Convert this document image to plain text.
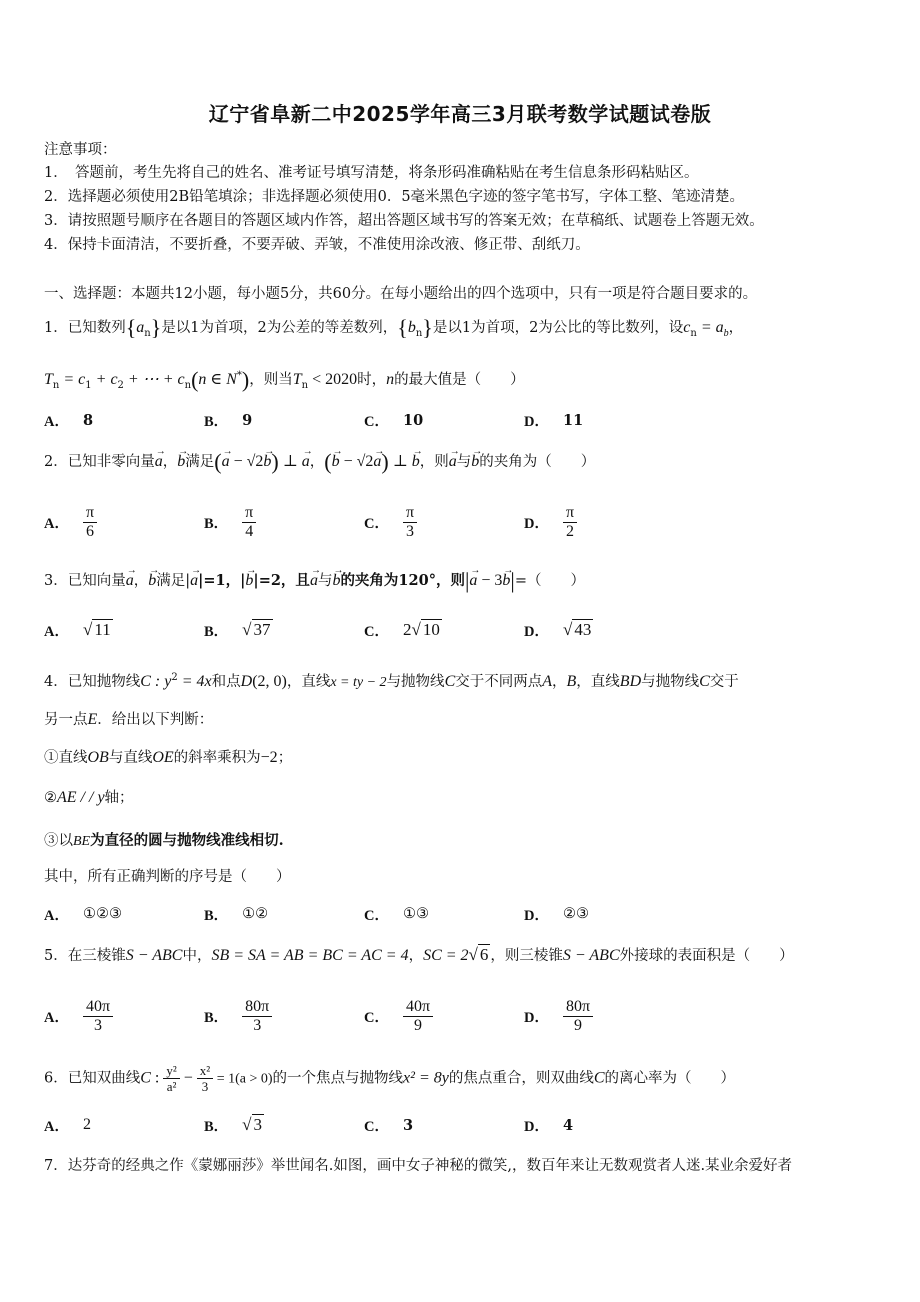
辽宁省阜新二中2025学年高三3月联考数学试题试卷版
注意事项：
1．　答题前，考生先将自己的姓名、准考证号填写清楚，将条形码准确粘贴在考生信息条形码粘贴区。
2．选择题必须使用2B铅笔填涂；非选择题必须使用0．5毫米黑色字迹的签字笔书写，字体工整、笔迹清楚。
3．请按照题号顺序在各题目的答题区域内作答，超出答题区域书写的答案无效；在草稿纸、试题卷上答题无效。
4．保持卡面清洁，不要折叠，不要弄破、弄皱，不准使用涂改液、修正带、刮纸刀。
一、选择题：本题共12小题，每小题5分，共60分。在每小题给出的四个选项中，只有一项是符合题目要求的。
1．已知数列$\{a_n\}$是以1为首项，2为公差的等差数列，$\{b_n\}$是以1为首项，2为公比的等比数列，设$c_n = a_b$，
$T_n = c_1 + c_2$ + ⋯ + $c_n(n$ ∈ N*)，则当$T_n < 2020$时，n的最大值是（　　）
A． 8	B． 9	C． 10	D． 11
2．已知非零向量→ a，→ b满足(→ a − √2→ b) ⊥ → a，(→ b − √2→ a) ⊥ → b，则→ a与→ b的夹角为（　　）
A． $\frac{\pi}{6}$	B． $\frac{\pi}{4}$	C． $\frac{\pi}{3}$	D． $\frac{\pi}{2}$
3．已知向量→ a，→ b满足|→ a|=1，|→ b|=2，且→ a与→ b的夹角为120°，则|→ a − 3→ b|=（　　）
A． √ 11	B． √ 37	C． 2√ 10	D． √ 43
4．已知抛物线C : $y^2 = 4x$和点D(2, 0)，直线x = ty − 2与抛物线C交于不同两点A，B，直线BD与抛物线C交于
另一点E．给出以下判断：
①直线OB与直线OE的斜率乘积为−2；
②AE / / y轴；
③以BE为直径的圆与抛物线准线相切.
其中，所有正确判断的序号是（　　）
A． ①②③	B． ①②	C． ①③	D． ②③
5．在三棱锥S − ABC中，SB = SA = AB = BC = AC = 4，SC = 2√ 6 ，则三棱锥S − ABC外接球的表面积是（　　）
A． $\frac{40\pi}{3}$	B． $\frac{80\pi}{3}$	C． $\frac{40\pi}{9}$	D． $\frac{80\pi}{9}$
6．已知双曲线C : $\frac{\text{y²}}{\text{a²}} - \frac{\text{x²}}{3} = 1(a > 0)$的一个焦点与抛物线x² = 8y的焦点重合，则双曲线C的离心率为（　　）
A． 2	B． √ 3	C． 3	D． 4
7．达芬奇的经典之作《蒙娜丽莎》举世闻名.如图，画中女子神秘的微笑,，数百年来让无数观赏者人迷.某业余爱好者
